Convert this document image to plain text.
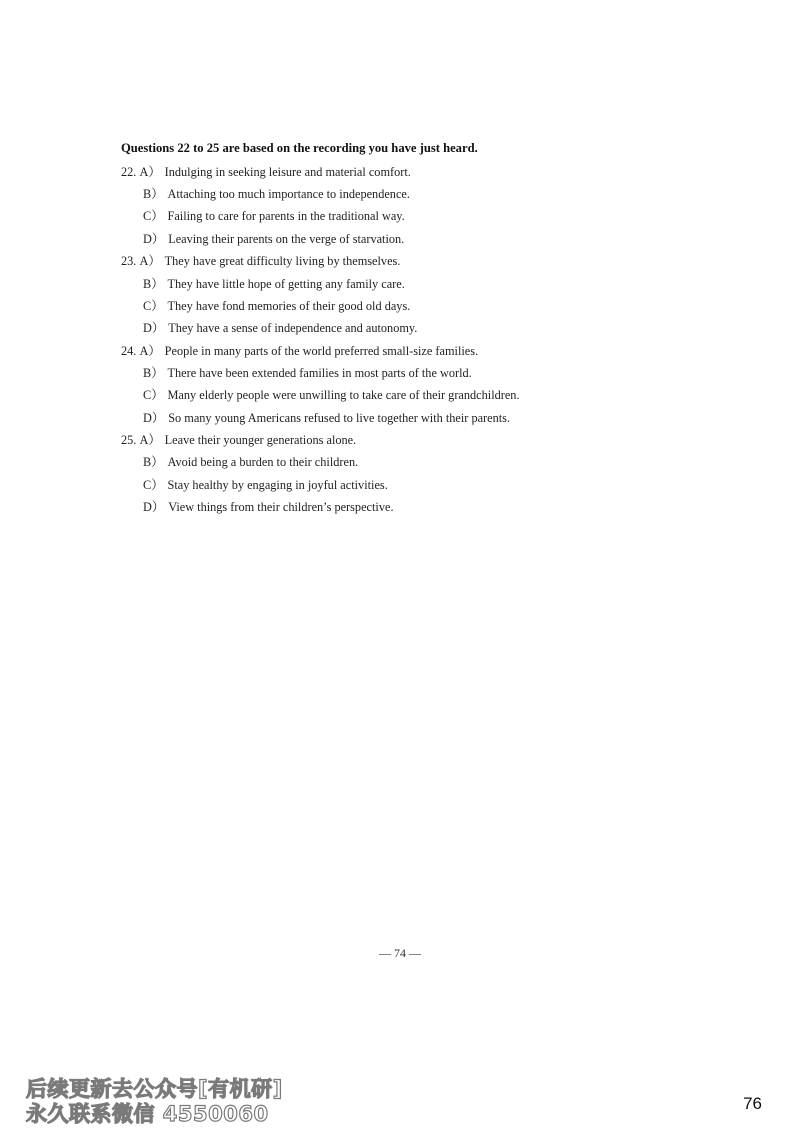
Questions 22 to 25 are based on the recording you have just heard.
22. A） Indulging in seeking leisure and material comfort.
B） Attaching too much importance to independence.
C） Failing to care for parents in the traditional way.
D） Leaving their parents on the verge of starvation.
23. A） They have great difficulty living by themselves.
B） They have little hope of getting any family care.
C） They have fond memories of their good old days.
D） They have a sense of independence and autonomy.
24. A） People in many parts of the world preferred small-size families.
B） There have been extended families in most parts of the world.
C） Many elderly people were unwilling to take care of their grandchildren.
D） So many young Americans refused to live together with their parents.
25. A） Leave their younger generations alone.
B） Avoid being a burden to their children.
C） Stay healthy by engaging in joyful activities.
D） View things from their children’s perspective.
— 74 —
后续更新去公众号[有机研]
永久联系微信 4550060	76
